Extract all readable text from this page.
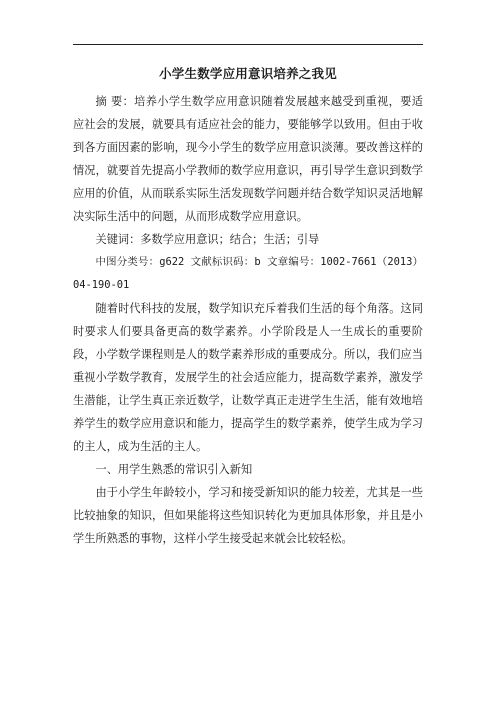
小学生数学应用意识培养之我见

摘 要：培养小学生数学应用意识随着发展越来越受到重视，要适应社会的发展，就要具有适应社会的能力，要能够学以致用。但由于收到各方面因素的影响，现今小学生的数学应用意识淡薄。要改善这样的情况，就要首先提高小学教师的数学应用意识，再引导学生意识到数学应用的价值，从而联系实际生活发现数学问题并结合数学知识灵活地解决实际生活中的问题，从而形成数学应用意识。

关键词：多数学应用意识；结合；生活；引导

中图分类号：g622 文献标识码：b 文章编号：1002-7661（2013）04-190-01

随着时代科技的发展，数学知识充斥着我们生活的每个角落。这同时要求人们要具备更高的数学素养。小学阶段是人一生成长的重要阶段，小学数学课程则是人的数学素养形成的重要成分。所以，我们应当重视小学数学教育，发展学生的社会适应能力，提高数学素养，激发学生潜能，让学生真正亲近数学，让数学真正走进学生生活，能有效地培养学生的数学应用意识和能力，提高学生的数学素养，使学生成为学习的主人，成为生活的主人。

一、用学生熟悉的常识引入新知

由于小学生年龄较小，学习和接受新知识的能力较差，尤其是一些比较抽象的知识，但如果能将这些知识转化为更加具体形象，并且是小学生所熟悉的事物，这样小学生接受起来就会比较轻松。
